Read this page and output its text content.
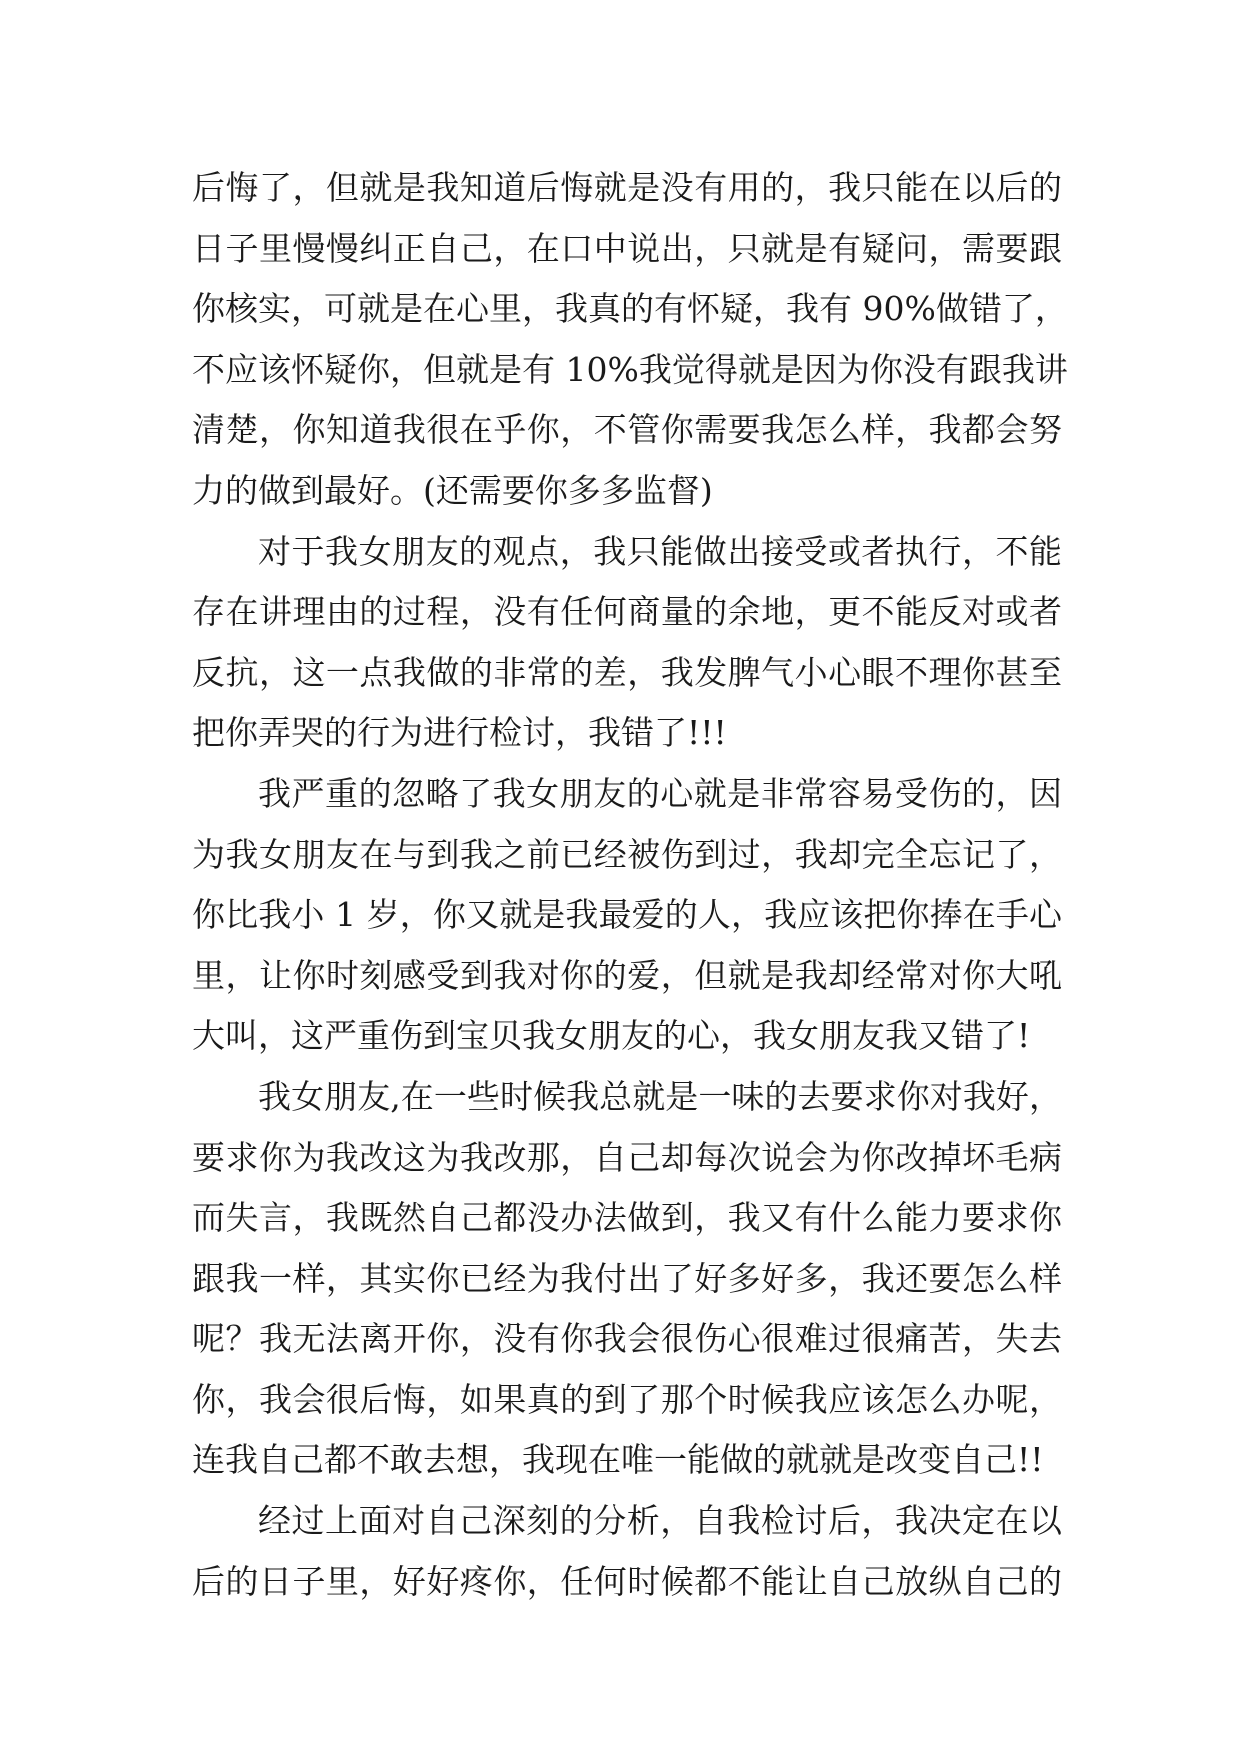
后悔了，但就是我知道后悔就是没有用的，我只能在以后的
日子里慢慢纠正自己，在口中说出，只就是有疑问，需要跟
你核实，可就是在心里，我真的有怀疑，我有 90%做错了，
不应该怀疑你，但就是有 10%我觉得就是因为你没有跟我讲
清楚，你知道我很在乎你，不管你需要我怎么样，我都会努
力的做到最好。(还需要你多多监督)
对于我女朋友的观点，我只能做出接受或者执行，不能
存在讲理由的过程，没有任何商量的余地，更不能反对或者
反抗，这一点我做的非常的差，我发脾气小心眼不理你甚至
把你弄哭的行为进行检讨，我错了!!!
我严重的忽略了我女朋友的心就是非常容易受伤的，因
为我女朋友在与到我之前已经被伤到过，我却完全忘记了，
你比我小 1 岁，你又就是我最爱的人，我应该把你捧在手心
里，让你时刻感受到我对你的爱，但就是我却经常对你大吼
大叫，这严重伤到宝贝我女朋友的心，我女朋友我又错了!
我女朋友,在一些时候我总就是一味的去要求你对我好，
要求你为我改这为我改那，自己却每次说会为你改掉坏毛病
而失言，我既然自己都没办法做到，我又有什么能力要求你
跟我一样，其实你已经为我付出了好多好多，我还要怎么样
呢？我无法离开你，没有你我会很伤心很难过很痛苦，失去
你，我会很后悔，如果真的到了那个时候我应该怎么办呢，
连我自己都不敢去想，我现在唯一能做的就就是改变自己!!
经过上面对自己深刻的分析，自我检讨后，我决定在以
后的日子里，好好疼你，任何时候都不能让自己放纵自己的
